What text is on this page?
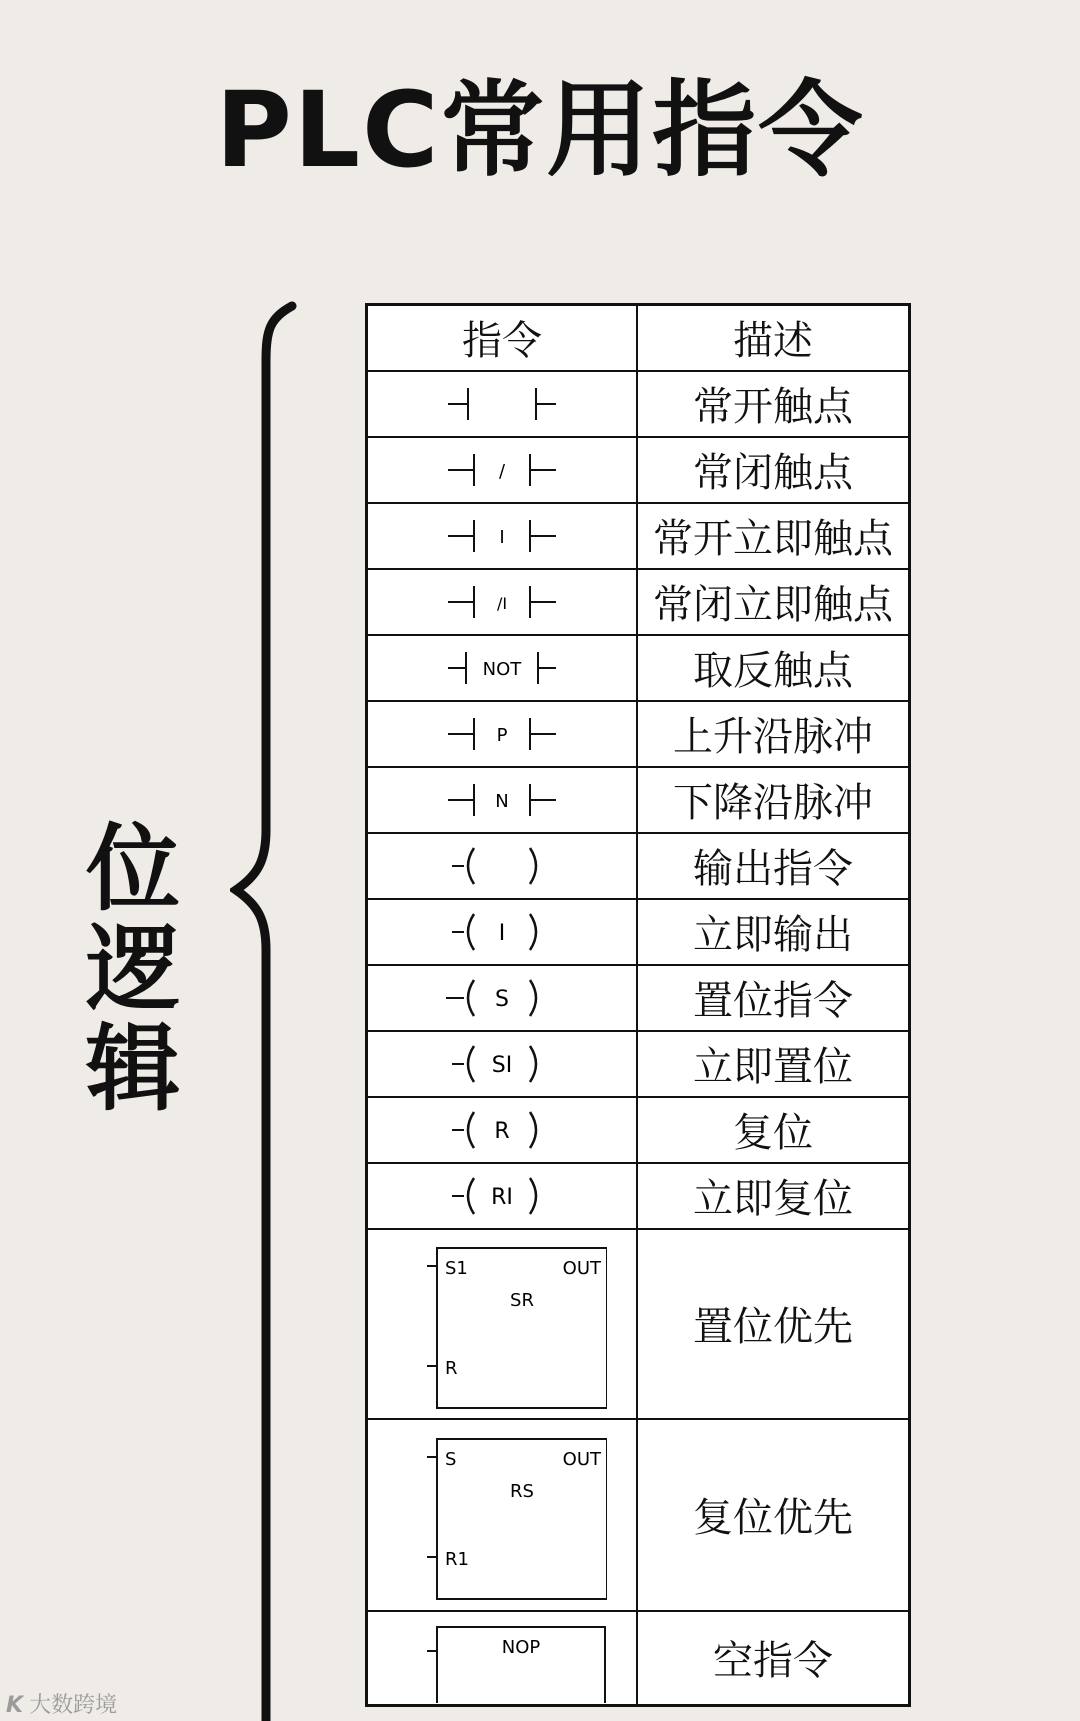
PLC常用指令
位
逻
辑
指令	描述

	常开触点

/	常闭触点

I	常开立即触点

/I	常闭立即触点

NOT	取反触点

P	上升沿脉冲

N	下降沿脉冲

	输出指令

I	立即输出

S	置位指令

SI	立即置位

R	复位

RI	立即复位

S1
R
SR
OUT	置位优先

S
R1
RS
OUT	复位优先

NOP	空指令
K 大数跨境
